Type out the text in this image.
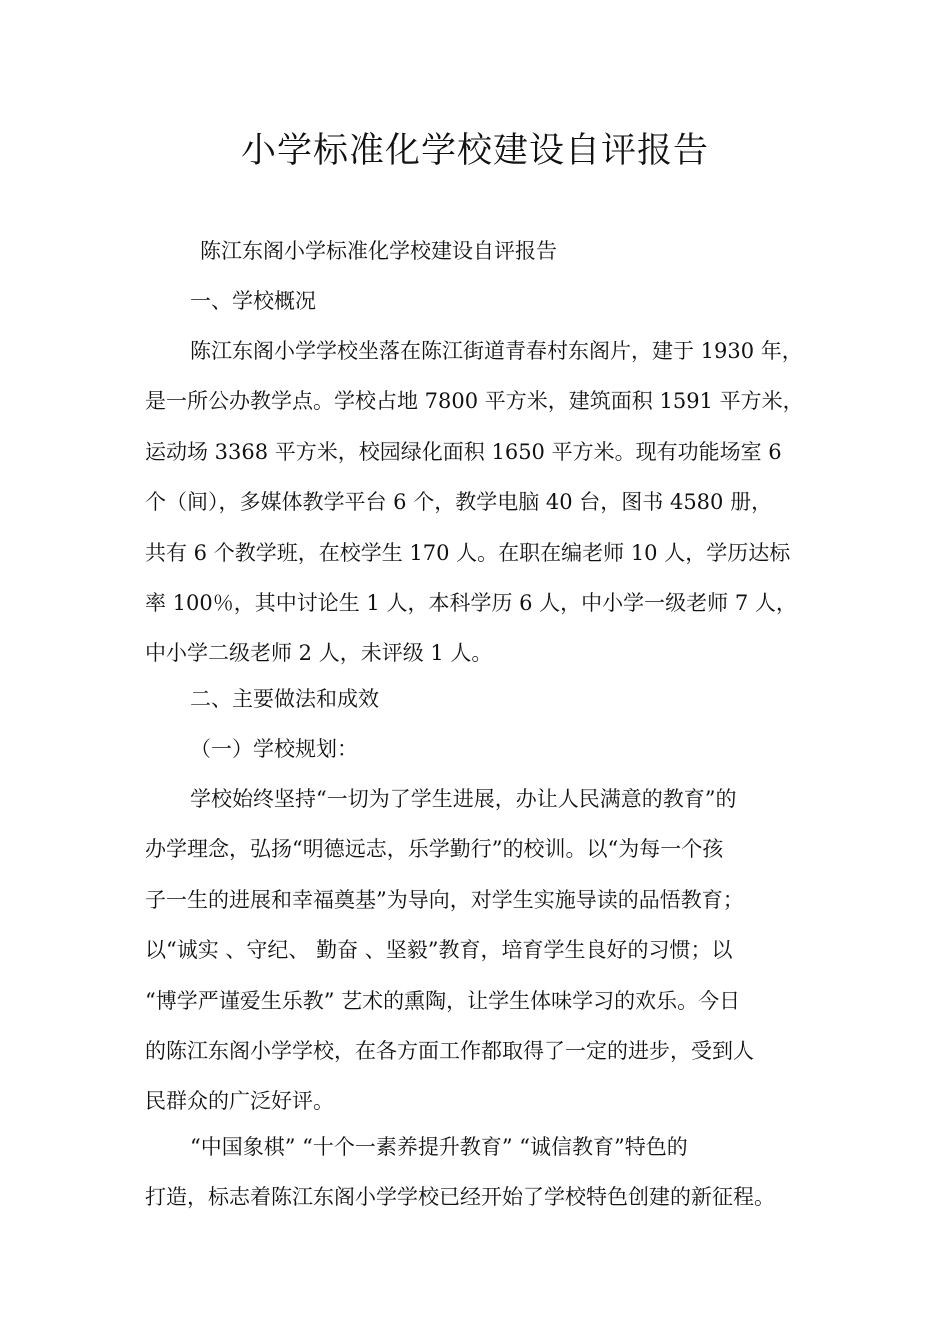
小学标准化学校建设自评报告
陈江东阁小学标准化学校建设自评报告
一、学校概况
陈江东阁小学学校坐落在陈江街道青春村东阁片，建于 1930 年，
是一所公办教学点。学校占地 7800 平方米，建筑面积 1591 平方米，
运动场 3368 平方米，校园绿化面积 1650 平方米。现有功能场室 6
个（间），多媒体教学平台 6 个，教学电脑 40 台，图书 4580 册，
共有 6 个教学班，在校学生 170 人。在职在编老师 10 人，学历达标
率 100％，其中讨论生 1 人，本科学历 6 人，中小学一级老师 7 人，
中小学二级老师 2 人，未评级 1 人。
二、主要做法和成效
（一）学校规划：
学校始终坚持“一切为了学生进展，办让人民满意的教育”的
办学理念，弘扬“明德远志，乐学勤行”的校训。以“为每一个孩
子一生的进展和幸福奠基”为导向，对学生实施导读的品悟教育；
以“诚实 、守纪、 勤奋 、坚毅”教育，培育学生良好的习惯；以
“博学严谨爱生乐教” 艺术的熏陶，让学生体味学习的欢乐。今日
的陈江东阁小学学校，在各方面工作都取得了一定的进步，受到人
民群众的广泛好评。
“中国象棋” “十个一素养提升教育” “诚信教育”特色的
打造，标志着陈江东阁小学学校已经开始了学校特色创建的新征程。
